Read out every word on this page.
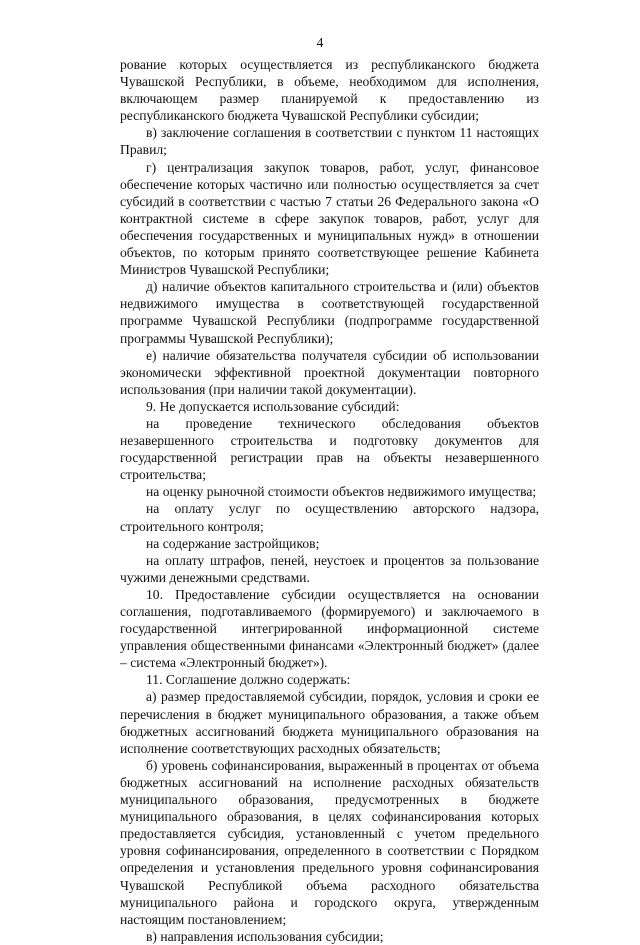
4

рование которых осуществляется из республиканского бюджета Чувашской Республики, в объеме, необходимом для исполнения, включающем размер планируемой к предоставлению из республиканского бюджета Чувашской Республики субсидии;

в) заключение соглашения в соответствии с пунктом 11 настоящих Правил;

г) централизация закупок товаров, работ, услуг, финансовое обеспечение которых частично или полностью осуществляется за счет субсидий в соответствии с частью 7 статьи 26 Федерального закона «О контрактной системе в сфере закупок товаров, работ, услуг для обеспечения государственных и муниципальных нужд» в отношении объектов, по которым принято соответствующее решение Кабинета Министров Чувашской Республики;

д) наличие объектов капитального строительства и (или) объектов недвижимого имущества в соответствующей государственной программе Чувашской Республики (подпрограмме государственной программы Чувашской Республики);

е) наличие обязательства получателя субсидии об использовании экономически эффективной проектной документации повторного использования (при наличии такой документации).

9. Не допускается использование субсидий:

на проведение технического обследования объектов незавершенного строительства и подготовку документов для государственной регистрации прав на объекты незавершенного строительства;

на оценку рыночной стоимости объектов недвижимого имущества;

на оплату услуг по осуществлению авторского надзора, строительного контроля;

на содержание застройщиков;

на оплату штрафов, пеней, неустоек и процентов за пользование чужими денежными средствами.

10. Предоставление субсидии осуществляется на основании соглашения, подготавливаемого (формируемого) и заключаемого в государственной интегрированной информационной системе управления общественными финансами «Электронный бюджет» (далее – система «Электронный бюджет»).

11. Соглашение должно содержать:

а) размер предоставляемой субсидии, порядок, условия и сроки ее перечисления в бюджет муниципального образования, а также объем бюджетных ассигнований бюджета муниципального образования на исполнение соответствующих расходных обязательств;

б) уровень софинансирования, выраженный в процентах от объема бюджетных ассигнований на исполнение расходных обязательств муниципального образования, предусмотренных в бюджете муниципального образования, в целях софинансирования которых предоставляется субсидия, установленный с учетом предельного уровня софинансирования, определенного в соответствии с Порядком определения и установления предельного уровня софинансирования Чувашской Республикой объема расходного обязательства муниципального района и городского округа, утвержденным настоящим постановлением;

в) направления использования субсидии;
